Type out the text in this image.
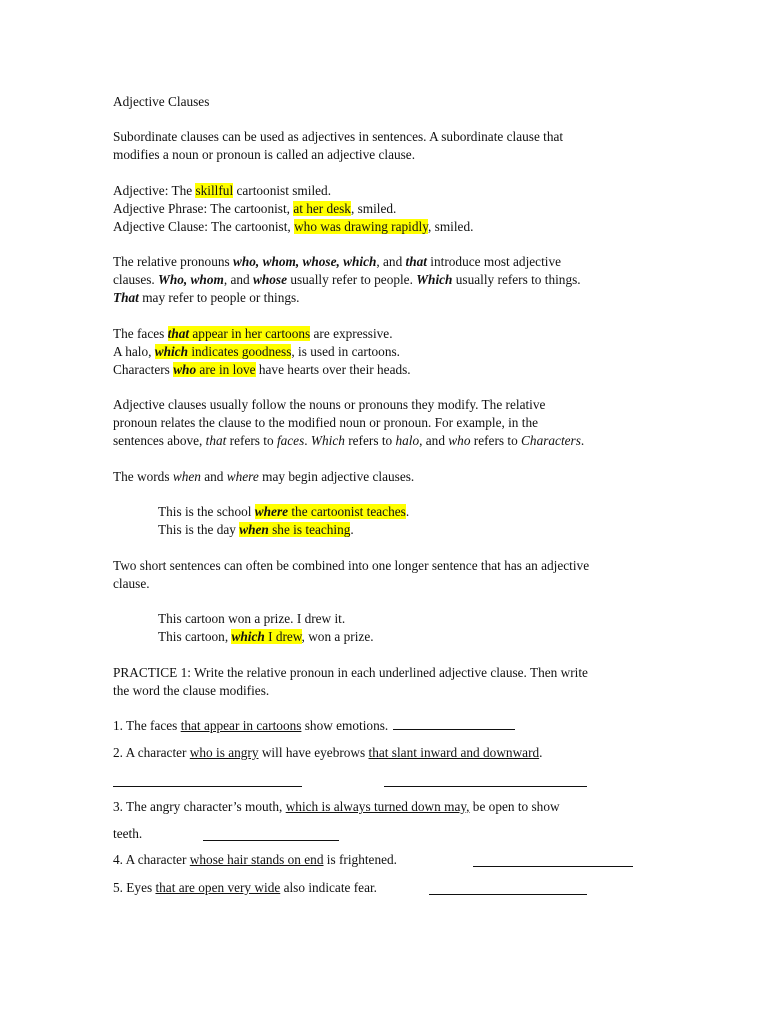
Adjective Clauses

Subordinate clauses can be used as adjectives in sentences. A subordinate clause that

modifies a noun or pronoun is called an adjective clause.

Adjective: The skillful cartoonist smiled.

Adjective Phrase: The cartoonist, at her desk, smiled.

Adjective Clause: The cartoonist, who was drawing rapidly, smiled.

The relative pronouns who, whom, whose, which, and that introduce most adjective

clauses. Who, whom, and whose usually refer to people. Which usually refers to things.

That may refer to people or things.

The faces that appear in her cartoons are expressive.

A halo, which indicates goodness, is used in cartoons.

Characters who are in love have hearts over their heads.

Adjective clauses usually follow the nouns or pronouns they modify. The relative

pronoun relates the clause to the modified noun or pronoun. For example, in the

sentences above, that refers to faces. Which refers to halo, and who refers to Characters.

The words when and where may begin adjective clauses.

This is the school where the cartoonist teaches.

This is the day when she is teaching.

Two short sentences can often be combined into one longer sentence that has an adjective

clause.

This cartoon won a prize. I drew it.

This cartoon, which I drew, won a prize.

PRACTICE 1: Write the relative pronoun in each underlined adjective clause. Then write

the word the clause modifies.

1. The faces that appear in cartoons show emotions.

2. A character who is angry will have eyebrows that slant inward and downward.

3. The angry character’s mouth, which is always turned down may, be open to show

teeth.

4. A character whose hair stands on end is frightened.

5. Eyes that are open very wide also indicate fear.
